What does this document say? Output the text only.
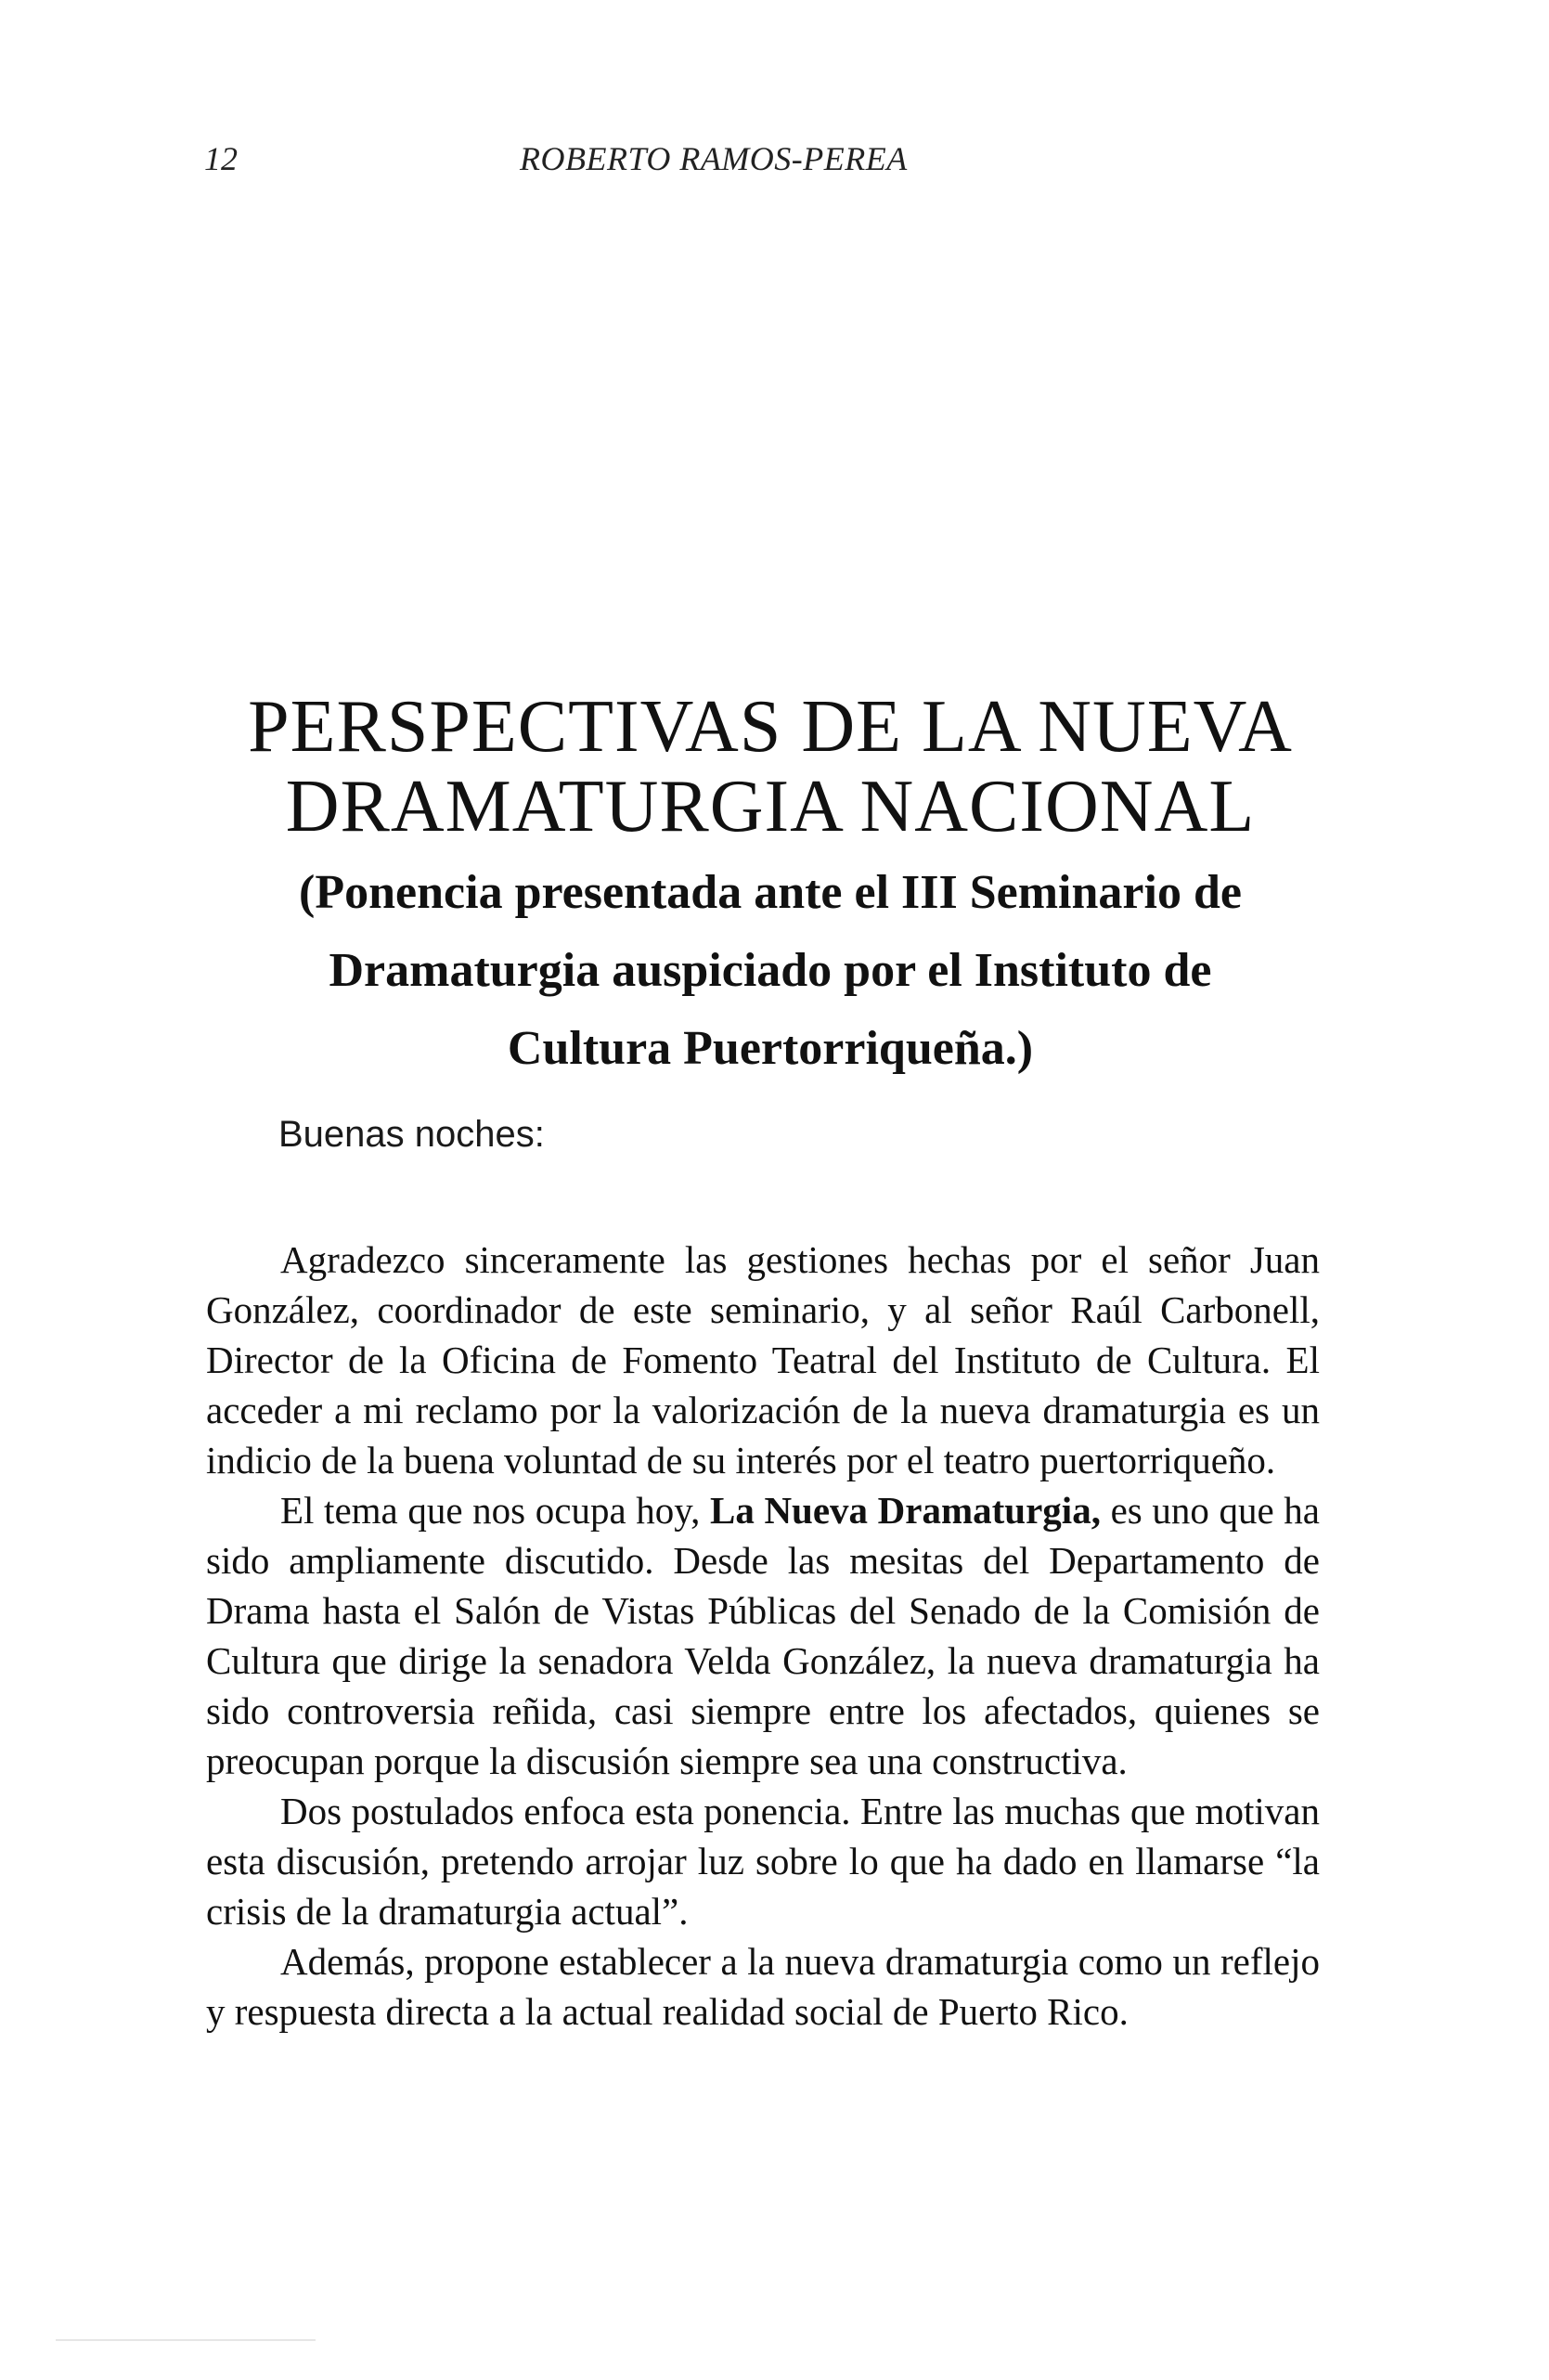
12	ROBERTO RAMOS-PEREA
PERSPECTIVAS DE LA NUEVA
DRAMATURGIA NACIONAL
(Ponencia presentada ante el III Seminario de
Dramaturgia auspiciado por el Instituto de
Cultura Puertorriqueña.)
Buenas noches:

Agradezco sinceramente las gestiones hechas por el señor Juan González, coordinador de este seminario, y al señor Raúl Carbonell, Director de la Oficina de Fomento Teatral del Instituto de Cultura. El acceder a mi reclamo por la valorización de la nueva dramaturgia es un indicio de la buena voluntad de su interés por el teatro puertorriqueño.

El tema que nos ocupa hoy, La Nueva Dramaturgia, es uno que ha sido ampliamente discutido. Desde las mesitas del Departamento de Drama hasta el Salón de Vistas Públicas del Senado de la Comisión de Cultura que dirige la senadora Velda González, la nueva dramaturgia ha sido controversia reñida, casi siempre entre los afectados, quienes se preocupan porque la discusión siempre sea una constructiva.

Dos postulados enfoca esta ponencia. Entre las muchas que motivan esta discusión, pretendo arrojar luz sobre lo que ha dado en llamarse “la crisis de la dramaturgia actual”.

Además, propone establecer a la nueva dramaturgia como un reflejo y respuesta directa a la actual realidad social de Puerto Rico.
